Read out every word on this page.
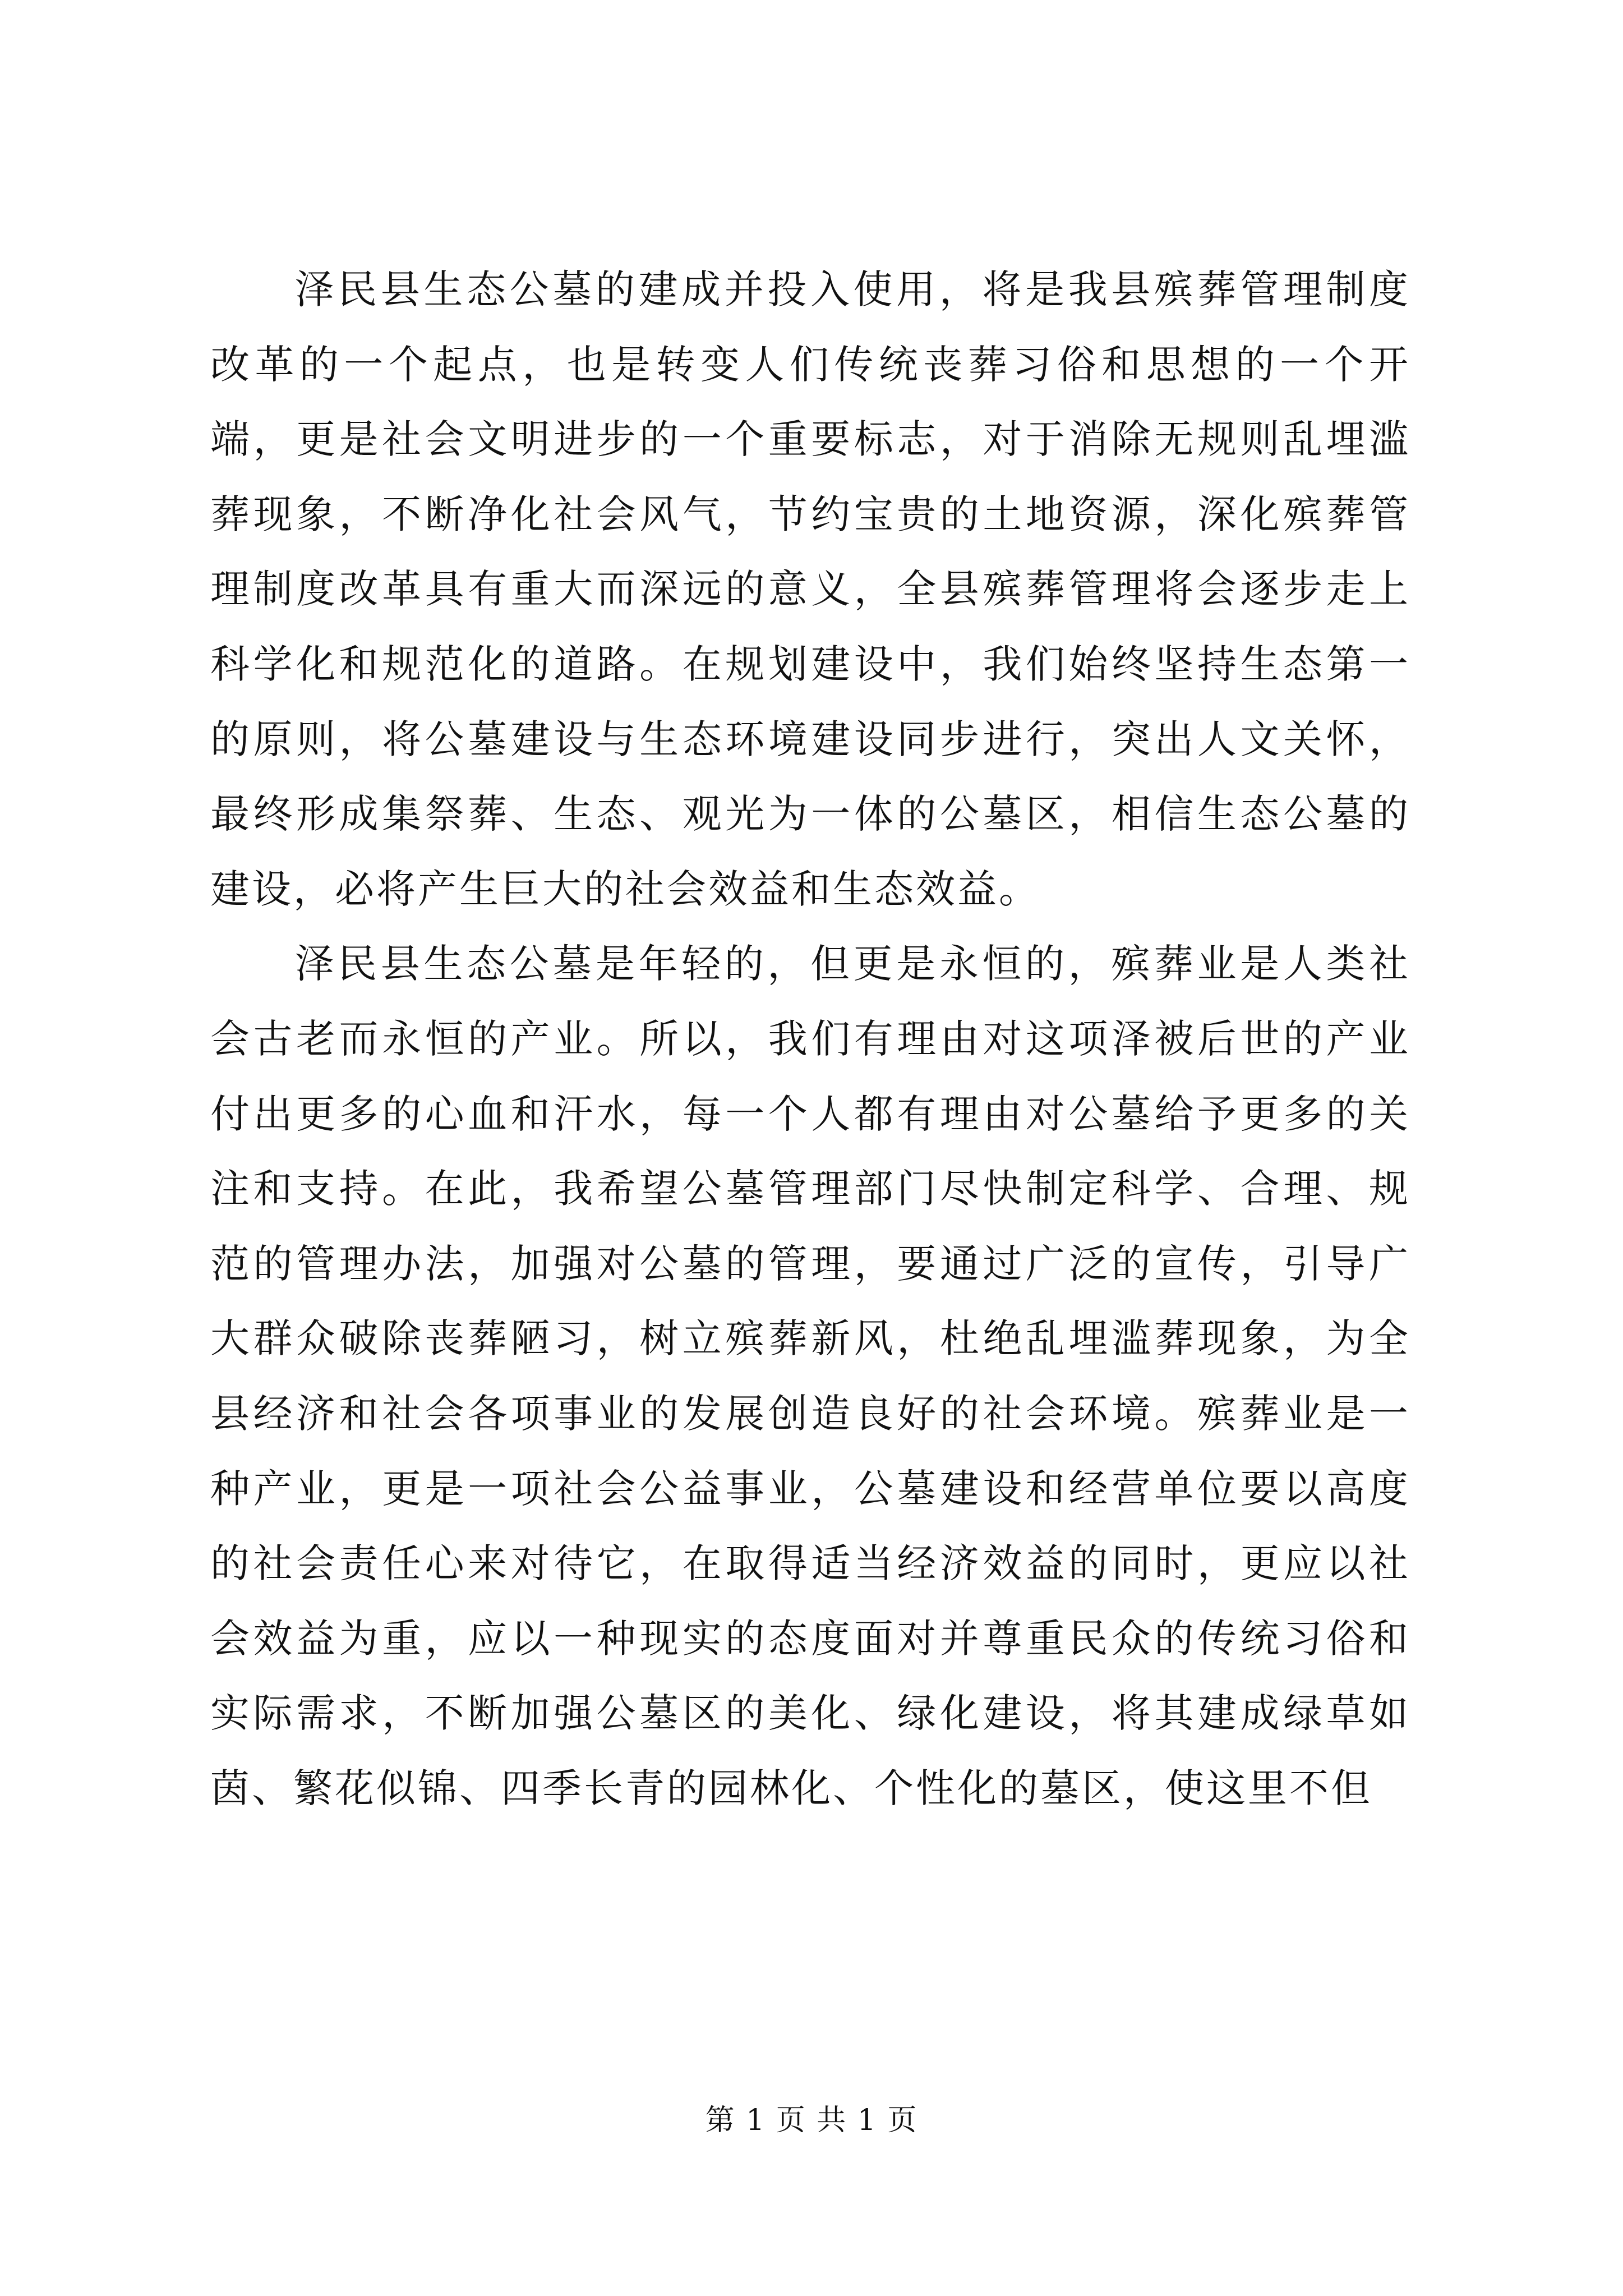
泽民县生态公墓的建成并投入使用，将是我县殡葬管理制度改革的一个起点，也是转变人们传统丧葬习俗和思想的一个开端，更是社会文明进步的一个重要标志，对于消除无规则乱埋滥葬现象，不断净化社会风气，节约宝贵的土地资源，深化殡葬管理制度改革具有重大而深远的意义，全县殡葬管理将会逐步走上科学化和规范化的道路。在规划建设中，我们始终坚持生态第一的原则，将公墓建设与生态环境建设同步进行，突出人文关怀，最终形成集祭葬、生态、观光为一体的公墓区，相信生态公墓的建设，必将产生巨大的社会效益和生态效益。

泽民县生态公墓是年轻的，但更是永恒的，殡葬业是人类社会古老而永恒的产业。所以，我们有理由对这项泽被后世的产业付出更多的心血和汗水，每一个人都有理由对公墓给予更多的关注和支持。在此，我希望公墓管理部门尽快制定科学、合理、规范的管理办法，加强对公墓的管理，要通过广泛的宣传，引导广大群众破除丧葬陋习，树立殡葬新风，杜绝乱埋滥葬现象，为全县经济和社会各项事业的发展创造良好的社会环境。殡葬业是一种产业，更是一项社会公益事业，公墓建设和经营单位要以高度的社会责任心来对待它，在取得适当经济效益的同时，更应以社会效益为重，应以一种现实的态度面对并尊重民众的传统习俗和实际需求，不断加强公墓区的美化、绿化建设，将其建成绿草如茵、繁花似锦、四季长青的园林化、个性化的墓区，使这里不但

第 1 页 共 1 页
